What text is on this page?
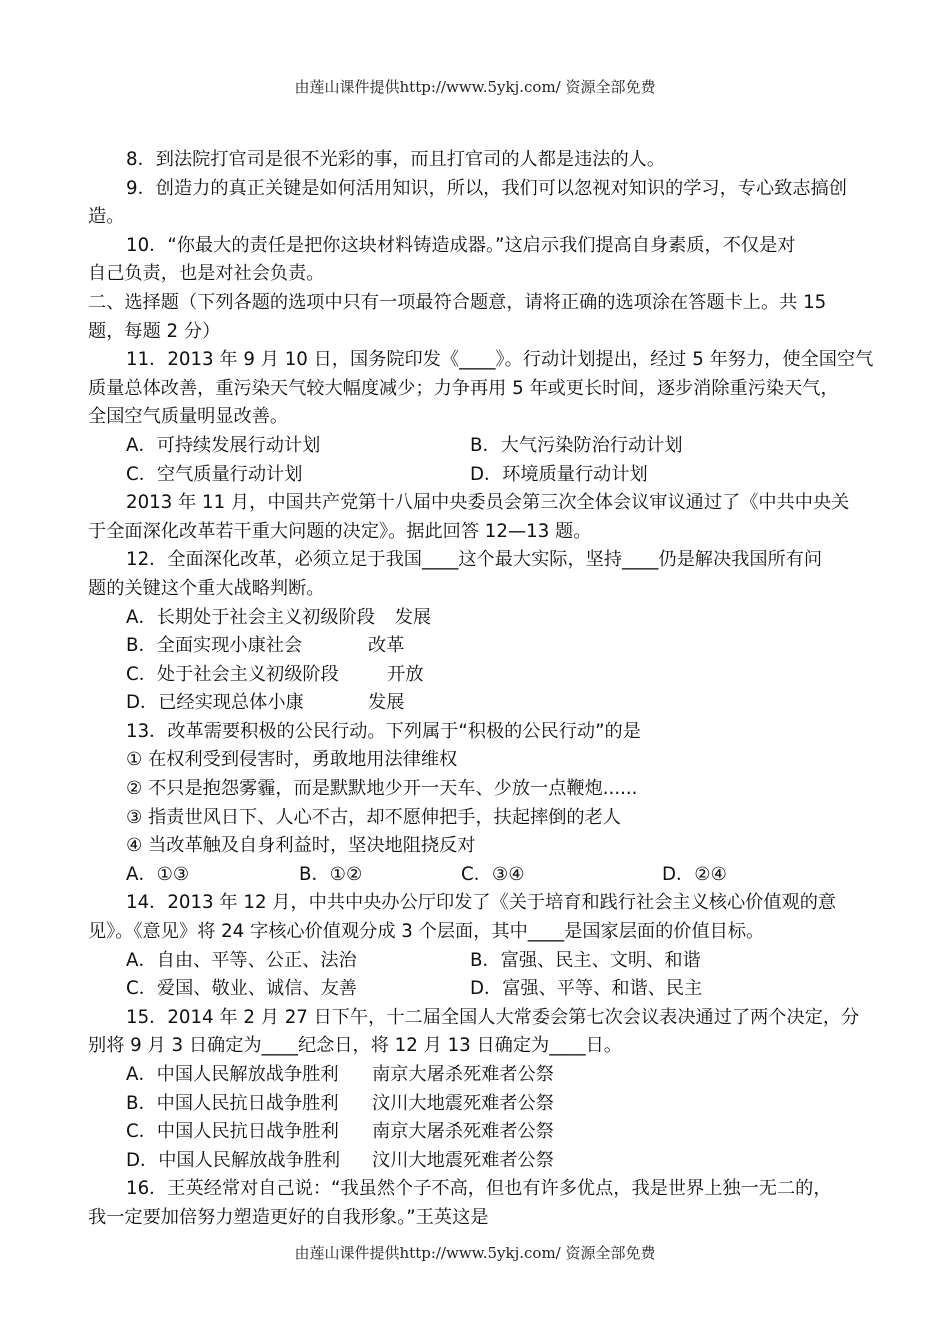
由莲山课件提供http://www.5ykj.com/ 资源全部免费
8．到法院打官司是很不光彩的事，而且打官司的人都是违法的人。
9．创造力的真正关键是如何活用知识，所以，我们可以忽视对知识的学习，专心致志搞创
造。
10．“你最大的责任是把你这块材料铸造成器。”这启示我们提高自身素质，不仅是对
自己负责，也是对社会负责。
二、选择题（下列各题的选项中只有一项最符合题意，请将正确的选项涂在答题卡上。共 15
题，每题 2 分）
11．2013 年 9 月 10 日，国务院印发《____》。行动计划提出，经过 5 年努力，使全国空气
质量总体改善，重污染天气较大幅度减少；力争再用 5 年或更长时间，逐步消除重污染天气，
全国空气质量明显改善。
A．可持续发展行动计划	B．大气污染防治行动计划
C．空气质量行动计划	D．环境质量行动计划
2013 年 11 月，中国共产党第十八届中央委员会第三次全体会议审议通过了《中共中央关
于全面深化改革若干重大问题的决定》。据此回答 12—13 题。
12．全面深化改革，必须立足于我国____这个最大实际，坚持____仍是解决我国所有问
题的关键这个重大战略判断。
A．长期处于社会主义初级阶段 发展
B．全面实现小康社会	改革
C．处于社会主义初级阶段	开放
D．已经实现总体小康	发展
13．改革需要积极的公民行动。下列属于“积极的公民行动”的是
① 在权利受到侵害时，勇敢地用法律维权
② 不只是抱怨雾霾，而是默默地少开一天车、少放一点鞭炮......
③ 指责世风日下、人心不古，却不愿伸把手，扶起摔倒的老人
④ 当改革触及自身利益时，坚决地阻挠反对
A．①③	B．①②	C．③④	D．②④
14．2013 年 12 月，中共中央办公厅印发了《关于培育和践行社会主义核心价值观的意
见》。《意见》将 24 字核心价值观分成 3 个层面，其中____是国家层面的价值目标。
A．自由、平等、公正、法治	B．富强、民主、文明、和谐
C．爱国、敬业、诚信、友善	D．富强、平等、和谐、民主
15．2014 年 2 月 27 日下午，十二届全国人大常委会第七次会议表决通过了两个决定，分
别将 9 月 3 日确定为____纪念日，将 12 月 13 日确定为____日。
A．中国人民解放战争胜利 南京大屠杀死难者公祭
B．中国人民抗日战争胜利 汶川大地震死难者公祭
C．中国人民抗日战争胜利 南京大屠杀死难者公祭
D．中国人民解放战争胜利 汶川大地震死难者公祭
16．王英经常对自己说：“我虽然个子不高，但也有许多优点，我是世界上独一无二的，
我一定要加倍努力塑造更好的自我形象。”王英这是
由莲山课件提供http://www.5ykj.com/ 资源全部免费
